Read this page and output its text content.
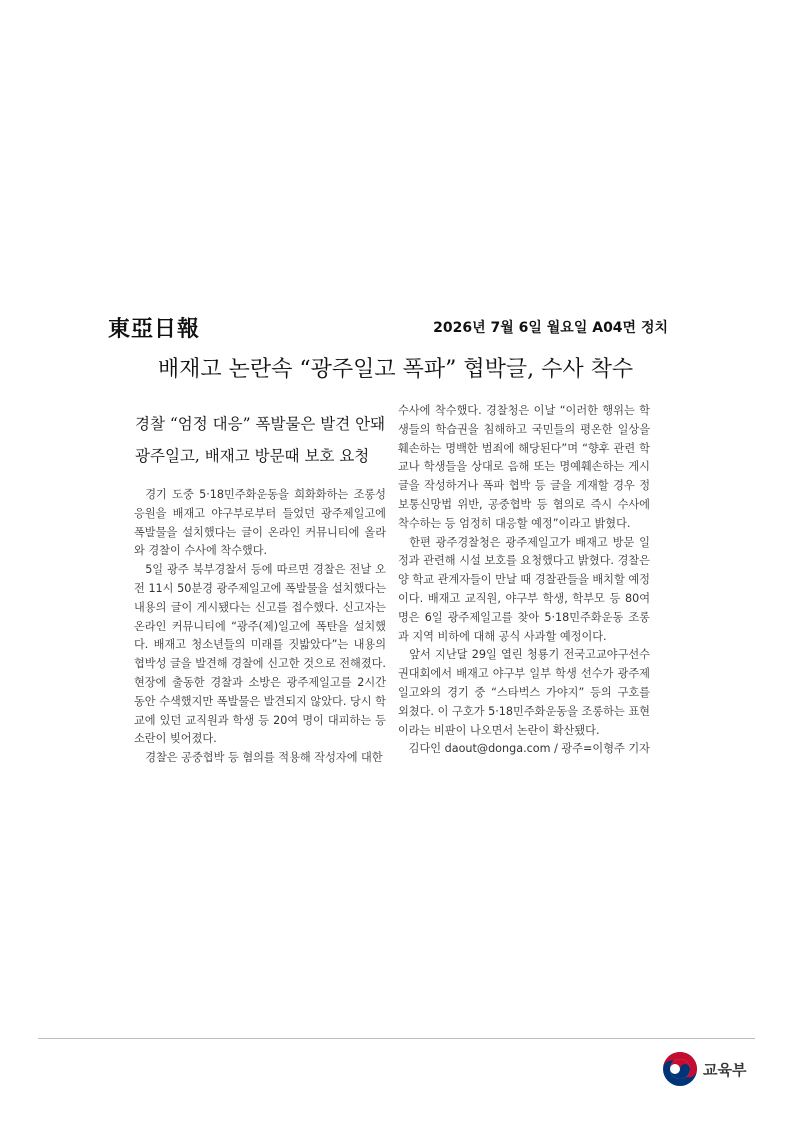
東亞日報	2026년 7월 6일 월요일 A04면 정치
배재고 논란속 “광주일고 폭파” 협박글, 수사 착수
경찰 “엄정 대응” 폭발물은 발견 안돼
광주일고, 배재고 방문때 보호 요청

경기 도중 5·18민주화운동을 희화화하는 조롱성 응원을 배재고 야구부로부터 들었던 광주제일고에 폭발물을 설치했다는 글이 온라인 커뮤니티에 올라와 경찰이 수사에 착수했다.

5일 광주 북부경찰서 등에 따르면 경찰은 전날 오전 11시 50분경 광주제일고에 폭발물을 설치했다는 내용의 글이 게시됐다는 신고를 접수했다. 신고자는 온라인 커뮤니티에 “광주(제)일고에 폭탄을 설치했다. 배재고 청소년들의 미래를 짓밟았다”는 내용의 협박성 글을 발견해 경찰에 신고한 것으로 전해졌다. 현장에 출동한 경찰과 소방은 광주제일고를 2시간 동안 수색했지만 폭발물은 발견되지 않았다. 당시 학교에 있던 교직원과 학생 등 20여 명이 대피하는 등 소란이 빚어졌다.

경찰은 공중협박 등 혐의를 적용해 작성자에 대한

수사에 착수했다. 경찰청은 이날 “이러한 행위는 학생들의 학습권을 침해하고 국민들의 평온한 일상을 훼손하는 명백한 범죄에 해당된다”며 “향후 관련 학교나 학생들을 상대로 음해 또는 명예훼손하는 게시글을 작성하거나 폭파 협박 등 글을 게재할 경우 정보통신망법 위반, 공중협박 등 혐의로 즉시 수사에 착수하는 등 엄정히 대응할 예정”이라고 밝혔다.

한편 광주경찰청은 광주제일고가 배재고 방문 일정과 관련해 시설 보호를 요청했다고 밝혔다. 경찰은 양 학교 관계자들이 만날 때 경찰관들을 배치할 예정이다. 배재고 교직원, 야구부 학생, 학부모 등 80여 명은 6일 광주제일고를 찾아 5·18민주화운동 조롱과 지역 비하에 대해 공식 사과할 예정이다.

앞서 지난달 29일 열린 청룡기 전국고교야구선수권대회에서 배재고 야구부 일부 학생 선수가 광주제일고와의 경기 중 “스타벅스 가야지” 등의 구호를 외쳤다. 이 구호가 5·18민주화운동을 조롱하는 표현이라는 비판이 나오면서 논란이 확산됐다.

김다인 daout@donga.com / 광주=이형주 기자

교육부
